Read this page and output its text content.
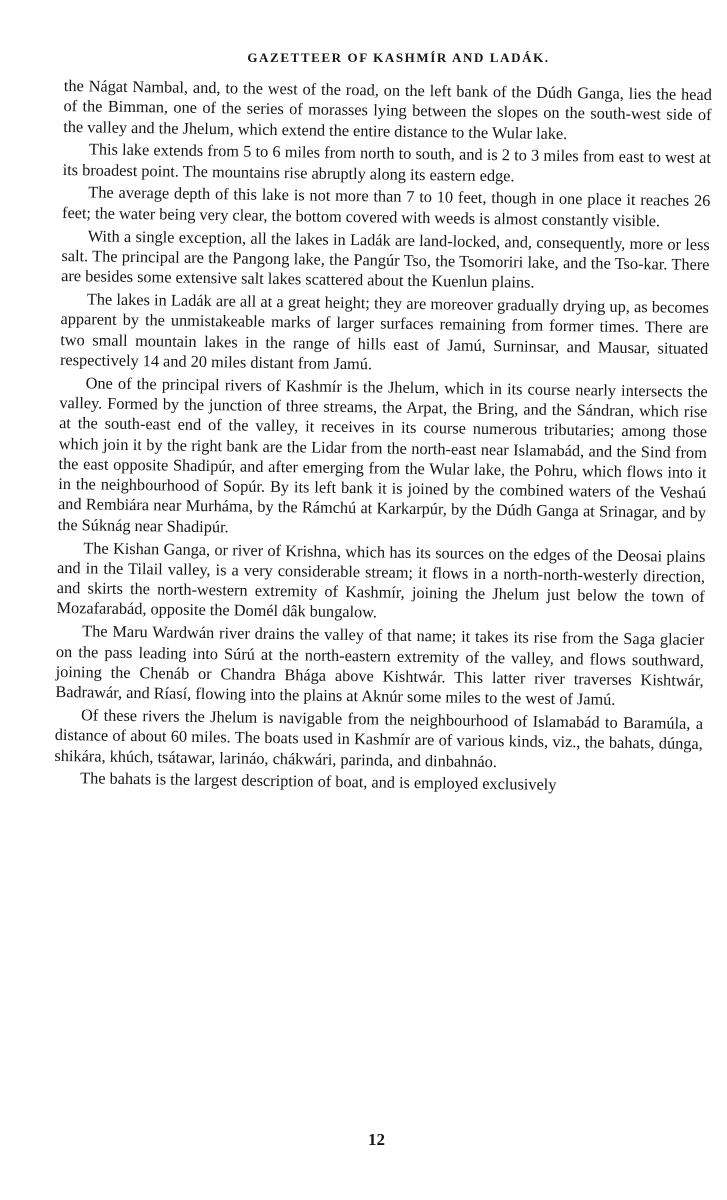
GAZETTEER OF KASHMÍR AND LADÁK.

the Nágat Nambal, and, to the west of the road, on the left bank of the Dúdh Ganga, lies the head of the Bimman, one of the series of morasses lying between the slopes on the south-west side of the valley and the Jhelum, which extend the entire distance to the Wular lake.

This lake extends from 5 to 6 miles from north to south, and is 2 to 3 miles from east to west at its broadest point. The mountains rise abruptly along its eastern edge.

The average depth of this lake is not more than 7 to 10 feet, though in one place it reaches 26 feet; the water being very clear, the bottom covered with weeds is almost constantly visible.

With a single exception, all the lakes in Ladák are land-locked, and, consequently, more or less salt. The principal are the Pangong lake, the Pangúr Tso, the Tsomoriri lake, and the Tso-kar. There are besides some extensive salt lakes scattered about the Kuenlun plains.

The lakes in Ladák are all at a great height; they are moreover gradually drying up, as becomes apparent by the unmistakeable marks of larger surfaces remaining from former times. There are two small mountain lakes in the range of hills east of Jamú, Surninsar, and Mausar, situated respectively 14 and 20 miles distant from Jamú.

One of the principal rivers of Kashmír is the Jhelum, which in its course nearly intersects the valley. Formed by the junction of three streams, the Arpat, the Bring, and the Sándran, which rise at the south-east end of the valley, it receives in its course numerous tributaries; among those which join it by the right bank are the Lidar from the north-east near Islamabád, and the Sind from the east opposite Shadipúr, and after emerging from the Wular lake, the Pohru, which flows into it in the neighbourhood of Sopúr. By its left bank it is joined by the combined waters of the Veshaú and Rembiára near Murháma, by the Rámchú at Karkarpúr, by the Dúdh Ganga at Srinagar, and by the Súknág near Shadipúr.

The Kishan Ganga, or river of Krishna, which has its sources on the edges of the Deosai plains and in the Tilail valley, is a very considerable stream; it flows in a north-north-westerly direction, and skirts the north-western extremity of Kashmír, joining the Jhelum just below the town of Mozafarabád, opposite the Domél dâk bungalow.

The Maru Wardwán river drains the valley of that name; it takes its rise from the Saga glacier on the pass leading into Súrú at the north-eastern extremity of the valley, and flows southward, joining the Chenáb or Chandra Bhága above Kishtwár. This latter river traverses Kishtwár, Badrawár, and Ríasí, flowing into the plains at Aknúr some miles to the west of Jamú.

Of these rivers the Jhelum is navigable from the neighbourhood of Islamabád to Baramúla, a distance of about 60 miles. The boats used in Kashmír are of various kinds, viz., the bahats, dúnga, shikára, khúch, tsátawar, larináo, chákwári, parinda, and dinbahnáo.

The bahats is the largest description of boat, and is employed exclusively

12
